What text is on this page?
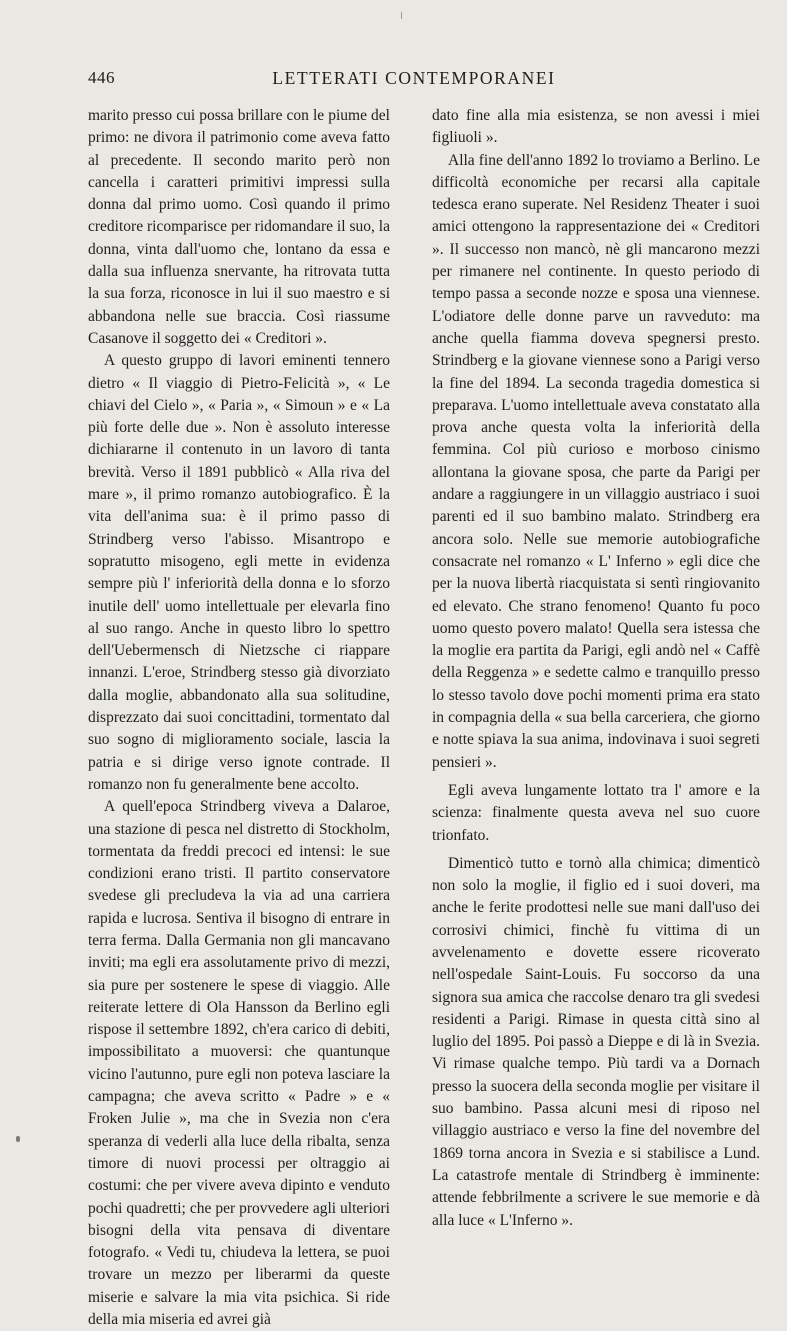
446	LETTERATI CONTEMPORANEI

marito presso cui possa brillare con le piume del primo: ne divora il patrimonio come aveva fatto al precedente. Il secondo marito però non cancella i caratteri primitivi impressi sulla donna dal primo uomo. Così quando il primo creditore ricomparisce per ridomandare il suo, la donna, vinta dall'uomo che, lontano da essa e dalla sua influenza snervante, ha ritrovata tutta la sua forza, riconosce in lui il suo maestro e si abbandona nelle sue braccia. Così riassume Casanove il soggetto dei « Creditori ».

A questo gruppo di lavori eminenti tennero dietro « Il viaggio di Pietro-Felicità », « Le chiavi del Cielo », « Paria », « Simoun » e « La più forte delle due ». Non è assoluto interesse dichiararne il contenuto in un lavoro di tanta brevità. Verso il 1891 pubblicò « Alla riva del mare », il primo romanzo autobiografico. È la vita dell'anima sua: è il primo passo di Strindberg verso l'abisso. Misantropo e sopratutto misogeno, egli mette in evidenza sempre più l' inferiorità della donna e lo sforzo inutile dell' uomo intellettuale per elevarla fino al suo rango. Anche in questo libro lo spettro dell'Uebermensch di Nietzsche ci riappare innanzi. L'eroe, Strindberg stesso già divorziato dalla moglie, abbandonato alla sua solitudine, disprezzato dai suoi concittadini, tormentato dal suo sogno di miglioramento sociale, lascia la patria e si dirige verso ignote contrade. Il romanzo non fu generalmente bene accolto.

A quell'epoca Strindberg viveva a Dalaroe, una stazione di pesca nel distretto di Stockholm, tormentata da freddi precoci ed intensi: le sue condizioni erano tristi. Il partito conservatore svedese gli precludeva la via ad una carriera rapida e lucrosa. Sentiva il bisogno di entrare in terra ferma. Dalla Germania non gli mancavano inviti; ma egli era assolutamente privo di mezzi, sia pure per sostenere le spese di viaggio. Alle reiterate lettere di Ola Hansson da Berlino egli rispose il settembre 1892, ch'era carico di debiti, impossibilitato a muoversi: che quantunque vicino l'autunno, pure egli non poteva lasciare la campagna; che aveva scritto « Padre » e « Froken Julie », ma che in Svezia non c'era speranza di vederli alla luce della ribalta, senza timore di nuovi processi per oltraggio ai costumi: che per vivere aveva dipinto e venduto pochi quadretti; che per provvedere agli ulteriori bisogni della vita pensava di diventare fotografo. « Vedi tu, chiudeva la lettera, se puoi trovare un mezzo per liberarmi da queste miserie e salvare la mia vita psichica. Si ride della mia miseria ed avrei già

dato fine alla mia esistenza, se non avessi i miei figliuoli ».

Alla fine dell'anno 1892 lo troviamo a Berlino. Le difficoltà economiche per recarsi alla capitale tedesca erano superate. Nel Residenz Theater i suoi amici ottengono la rappresentazione dei « Creditori ». Il successo non mancò, nè gli mancarono mezzi per rimanere nel continente. In questo periodo di tempo passa a seconde nozze e sposa una viennese. L'odiatore delle donne parve un ravveduto: ma anche quella fiamma doveva spegnersi presto. Strindberg e la giovane viennese sono a Parigi verso la fine del 1894. La seconda tragedia domestica si preparava. L'uomo intellettuale aveva constatato alla prova anche questa volta la inferiorità della femmina. Col più curioso e morboso cinismo allontana la giovane sposa, che parte da Parigi per andare a raggiungere in un villaggio austriaco i suoi parenti ed il suo bambino malato. Strindberg era ancora solo. Nelle sue memorie autobiografiche consacrate nel romanzo « L' Inferno » egli dice che per la nuova libertà riacquistata si sentì ringiovanito ed elevato. Che strano fenomeno! Quanto fu poco uomo questo povero malato! Quella sera istessa che la moglie era partita da Parigi, egli andò nel « Caffè della Reggenza » e sedette calmo e tranquillo presso lo stesso tavolo dove pochi momenti prima era stato in compagnia della « sua bella carceriera, che giorno e notte spiava la sua anima, indovinava i suoi segreti pensieri ».

Egli aveva lungamente lottato tra l' amore e la scienza: finalmente questa aveva nel suo cuore trionfato.

Dimenticò tutto e tornò alla chimica; dimenticò non solo la moglie, il figlio ed i suoi doveri, ma anche le ferite prodottesi nelle sue mani dall'uso dei corrosivi chimici, finchè fu vittima di un avvelenamento e dovette essere ricoverato nell'ospedale Saint-Louis. Fu soccorso da una signora sua amica che raccolse denaro tra gli svedesi residenti a Parigi. Rimase in questa città sino al luglio del 1895. Poi passò a Dieppe e di là in Svezia. Vi rimase qualche tempo. Più tardi va a Dornach presso la suocera della seconda moglie per visitare il suo bambino. Passa alcuni mesi di riposo nel villaggio austriaco e verso la fine del novembre del 1869 torna ancora in Svezia e si stabilisce a Lund. La catastrofe mentale di Strindberg è imminente: attende febbrilmente a scrivere le sue memorie e dà alla luce « L'Inferno ».
